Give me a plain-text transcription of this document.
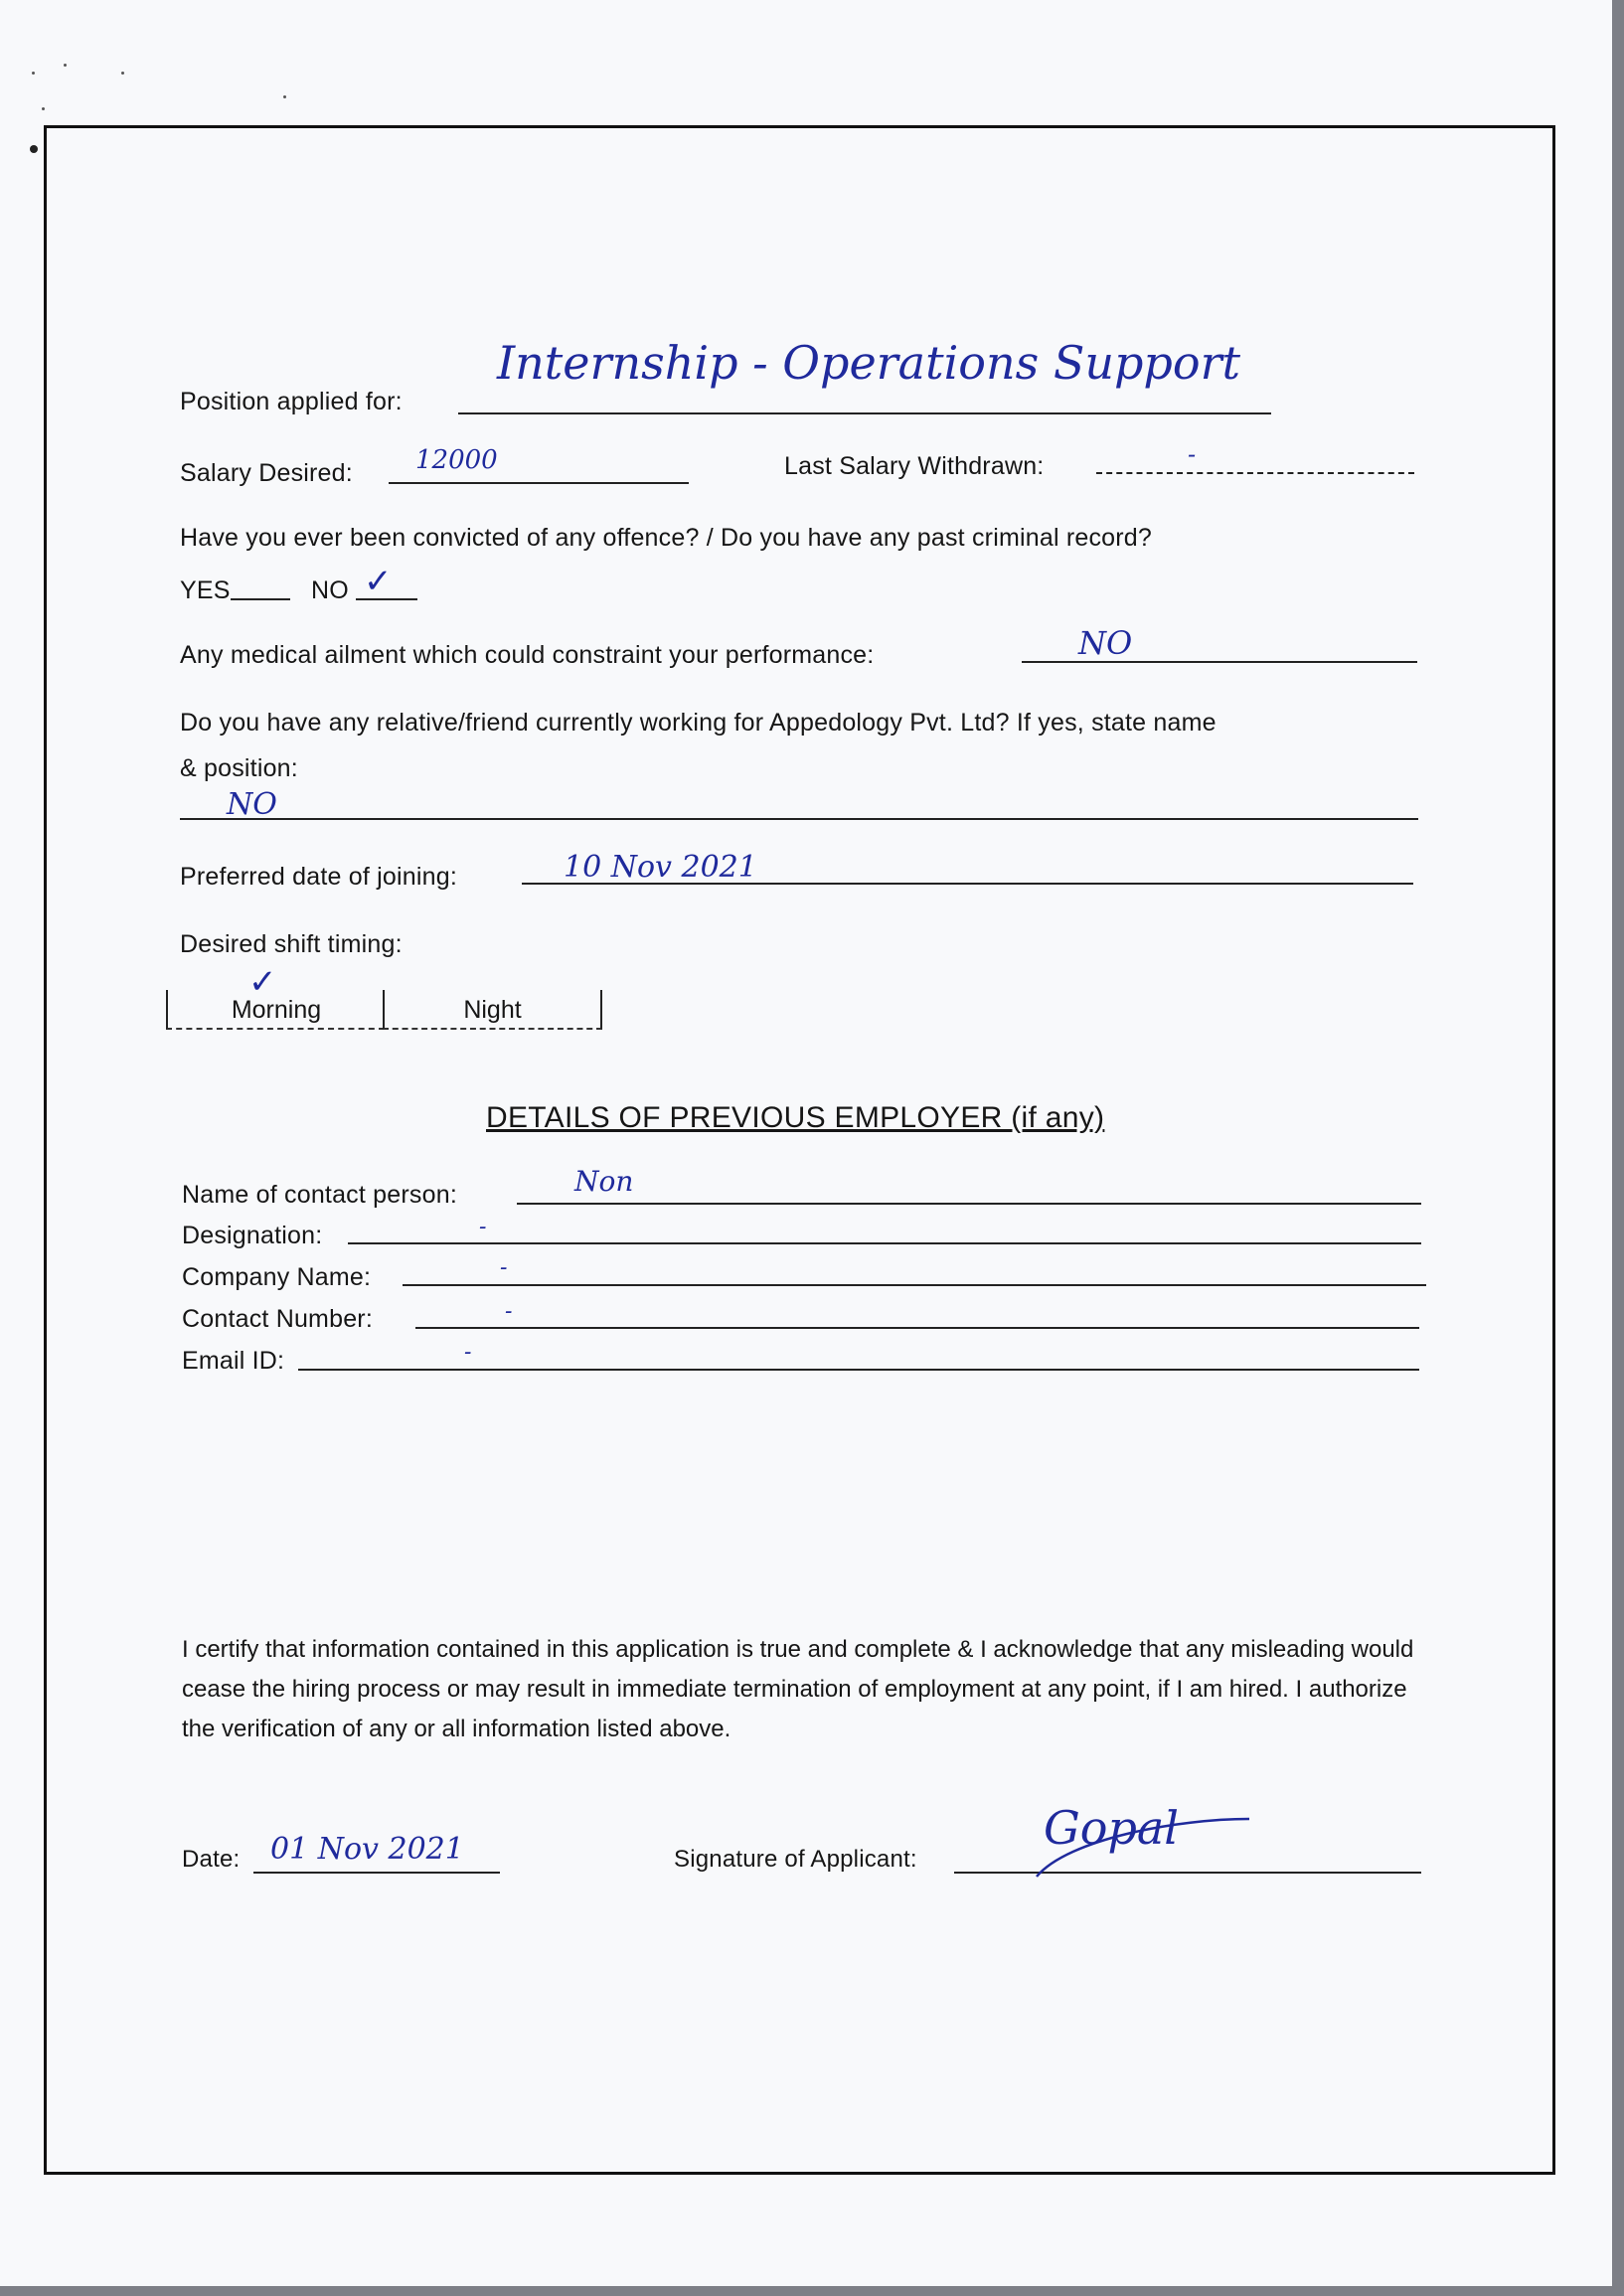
Position applied for:
Internship - Operations Support
Salary Desired: 12000	Last Salary Withdrawn:	-
Have you ever been convicted of any offence? / Do you have any past criminal record?
YES	NO ✓
Any medical ailment which could constraint your performance:	NO
Do you have any relative/friend currently working for Appedology Pvt. Ltd? If yes, state name
& position:
NO
Preferred date of joining:	10 Nov 2021
Desired shift timing:
Morning	Night
✓
DETAILS OF PREVIOUS EMPLOYER (if any)
Name of contact person:	Non
Designation:	-
Company Name:	-
Contact Number:	-
Email ID:	-
I certify that information contained in this application is true and complete & I acknowledge that any misleading would cease the hiring process or may result in immediate termination of employment at any point, if I am hired. I authorize the verification of any or all information listed above.
Date: 01 Nov 2021	Signature of Applicant:
Gopal
